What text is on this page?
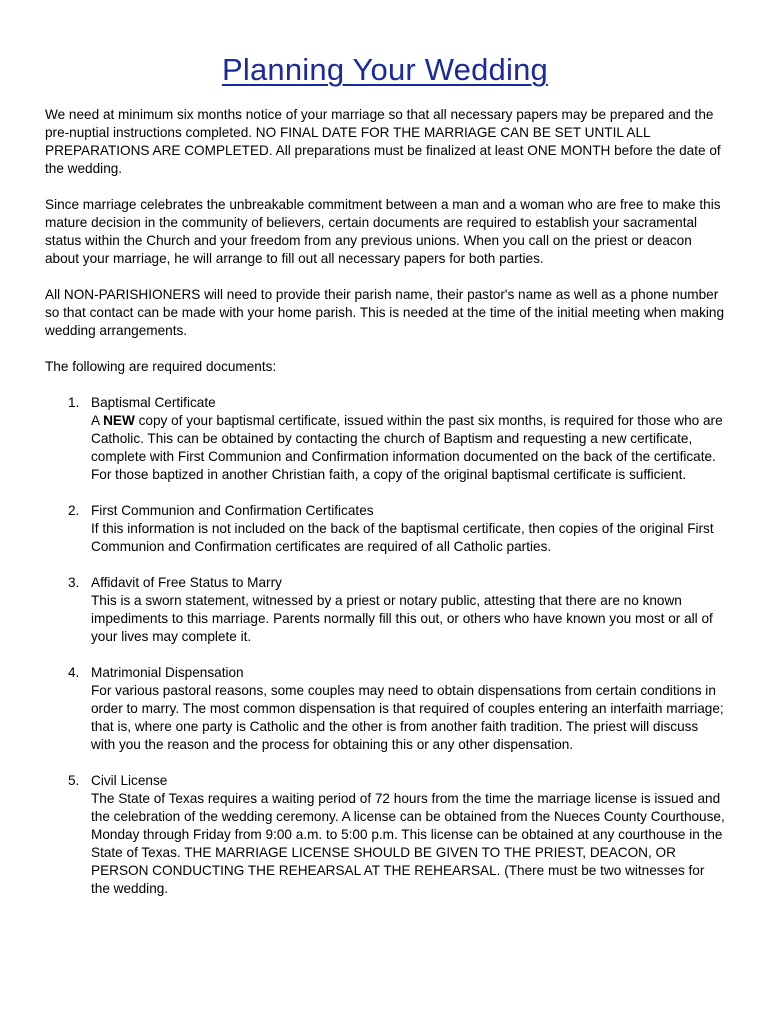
Planning Your Wedding

We need at minimum six months notice of your marriage so that all necessary papers may be prepared and the pre-nuptial instructions completed. NO FINAL DATE FOR THE MARRIAGE CAN BE SET UNTIL ALL PREPARATIONS ARE COMPLETED. All preparations must be finalized at least ONE MONTH before the date of the wedding.

Since marriage celebrates the unbreakable commitment between a man and a woman who are free to make this mature decision in the community of believers, certain documents are required to establish your sacramental status within the Church and your freedom from any previous unions. When you call on the priest or deacon about your marriage, he will arrange to fill out all necessary papers for both parties.

All NON-PARISHIONERS will need to provide their parish name, their pastor's name as well as a phone number so that contact can be made with your home parish. This is needed at the time of the initial meeting when making wedding arrangements.

The following are required documents:

1. Baptismal Certificate
A NEW copy of your baptismal certificate, issued within the past six months, is required for those who are Catholic. This can be obtained by contacting the church of Baptism and requesting a new certificate, complete with First Communion and Confirmation information documented on the back of the certificate. For those baptized in another Christian faith, a copy of the original baptismal certificate is sufficient.
2. First Communion and Confirmation Certificates
If this information is not included on the back of the baptismal certificate, then copies of the original First Communion and Confirmation certificates are required of all Catholic parties.
3. Affidavit of Free Status to Marry
This is a sworn statement, witnessed by a priest or notary public, attesting that there are no known impediments to this marriage. Parents normally fill this out, or others who have known you most or all of your lives may complete it.
4. Matrimonial Dispensation
For various pastoral reasons, some couples may need to obtain dispensations from certain conditions in order to marry. The most common dispensation is that required of couples entering an interfaith marriage; that is, where one party is Catholic and the other is from another faith tradition. The priest will discuss with you the reason and the process for obtaining this or any other dispensation.
5. Civil License
The State of Texas requires a waiting period of 72 hours from the time the marriage license is issued and the celebration of the wedding ceremony. A license can be obtained from the Nueces County Courthouse, Monday through Friday from 9:00 a.m. to 5:00 p.m. This license can be obtained at any courthouse in the State of Texas. THE MARRIAGE LICENSE SHOULD BE GIVEN TO THE PRIEST, DEACON, OR PERSON CONDUCTING THE REHEARSAL AT THE REHEARSAL. (There must be two witnesses for the wedding.
